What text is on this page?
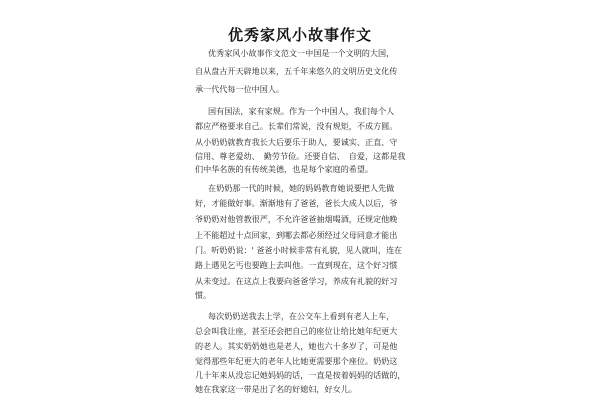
优秀家风小故事作文
优秀家风小故事作文范文一中国是一个文明的大国，
自从盘古开天辟地以来，五千年来悠久的文明历史文化传
承一代代每一位中国人。
国有国法，家有家规。作为一个中国人，我们每个人
都应严格要求自己。长辈们常说，没有规矩，不成方圆。
从小奶奶就教育我长大后要乐于助人，要诚实、正直、守
信用、尊老爱幼、　勤劳节俭。还要自信、　自爱，这都是我
们中华名族的有传统美德，也是每个家庭的希望。
在奶奶那一代的时候，她的妈妈教育她说要把人先做
好，才能做好事。渐渐地有了爸爸，爸长大成人以后，爷
爷奶奶对他管教很严，不允许爸爸抽烟喝酒，还规定他晚
上不能超过十点回家，到哪去都必须经过父母同意才能出
门。听奶奶说：' 爸爸小时候非常有礼貌，见人就叫，连在
路上遇见乞丐也要跑上去叫他。一直到现在，这个好习惯
从未变过。在这点上我要向爸爸学习，养成有礼貌的好习
惯。
每次奶奶送我去上学，在公交车上看到有老人上车，
总会叫我让座，甚至还会把自己的座位让给比她年纪更大
的老人。其实奶奶她也是老人，她也六十多岁了，可是他
觉得那些年纪更大的老年人比她更需要那个座位。奶奶这
几十年来从没忘记她妈妈的话，一直是按着妈妈的话做的，
她在我家这一带是出了名的好媳妇，好女儿。
